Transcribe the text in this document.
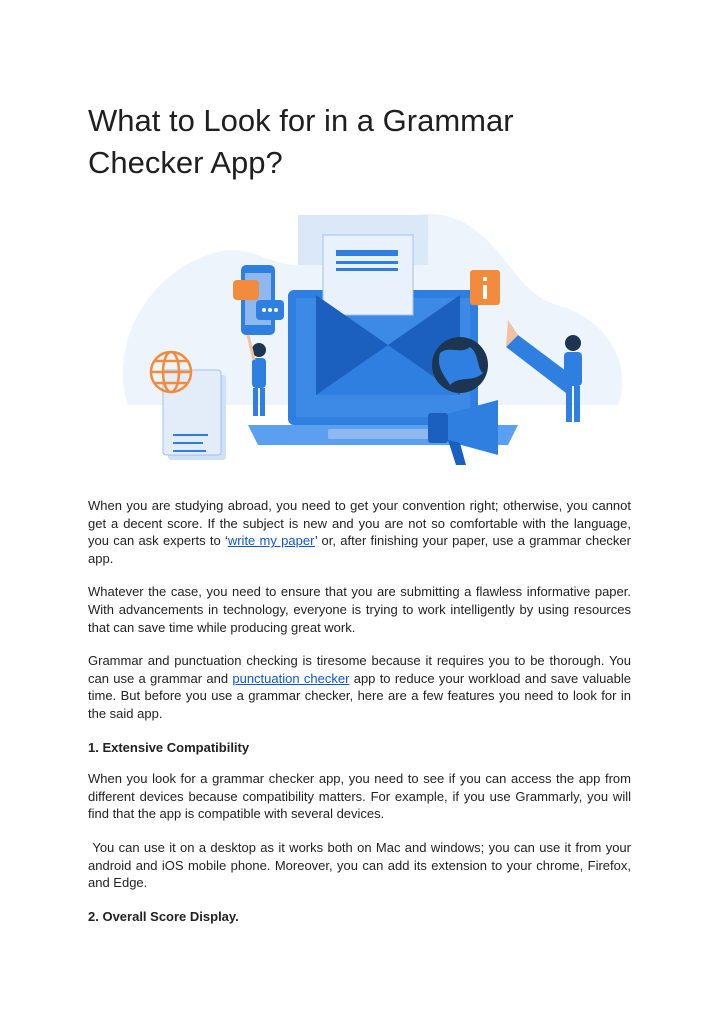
What to Look for in a Grammar
Checker App?

When you are studying abroad, you need to get your convention right; otherwise, you cannot get a decent score. If the subject is new and you are not so comfortable with the language, you can ask experts to ‘write my paper’ or, after finishing your paper, use a grammar checker app.

Whatever the case, you need to ensure that you are submitting a flawless informative paper. With advancements in technology, everyone is trying to work intelligently by using resources that can save time while producing great work.

Grammar and punctuation checking is tiresome because it requires you to be thorough. You can use a grammar and punctuation checker app to reduce your workload and save valuable time. But before you use a grammar checker, here are a few features you need to look for in the said app.

1. Extensive Compatibility

When you look for a grammar checker app, you need to see if you can access the app from different devices because compatibility matters. For example, if you use Grammarly, you will find that the app is compatible with several devices.

You can use it on a desktop as it works both on Mac and windows; you can use it from your android and iOS mobile phone. Moreover, you can add its extension to your chrome, Firefox, and Edge.

2. Overall Score Display.
